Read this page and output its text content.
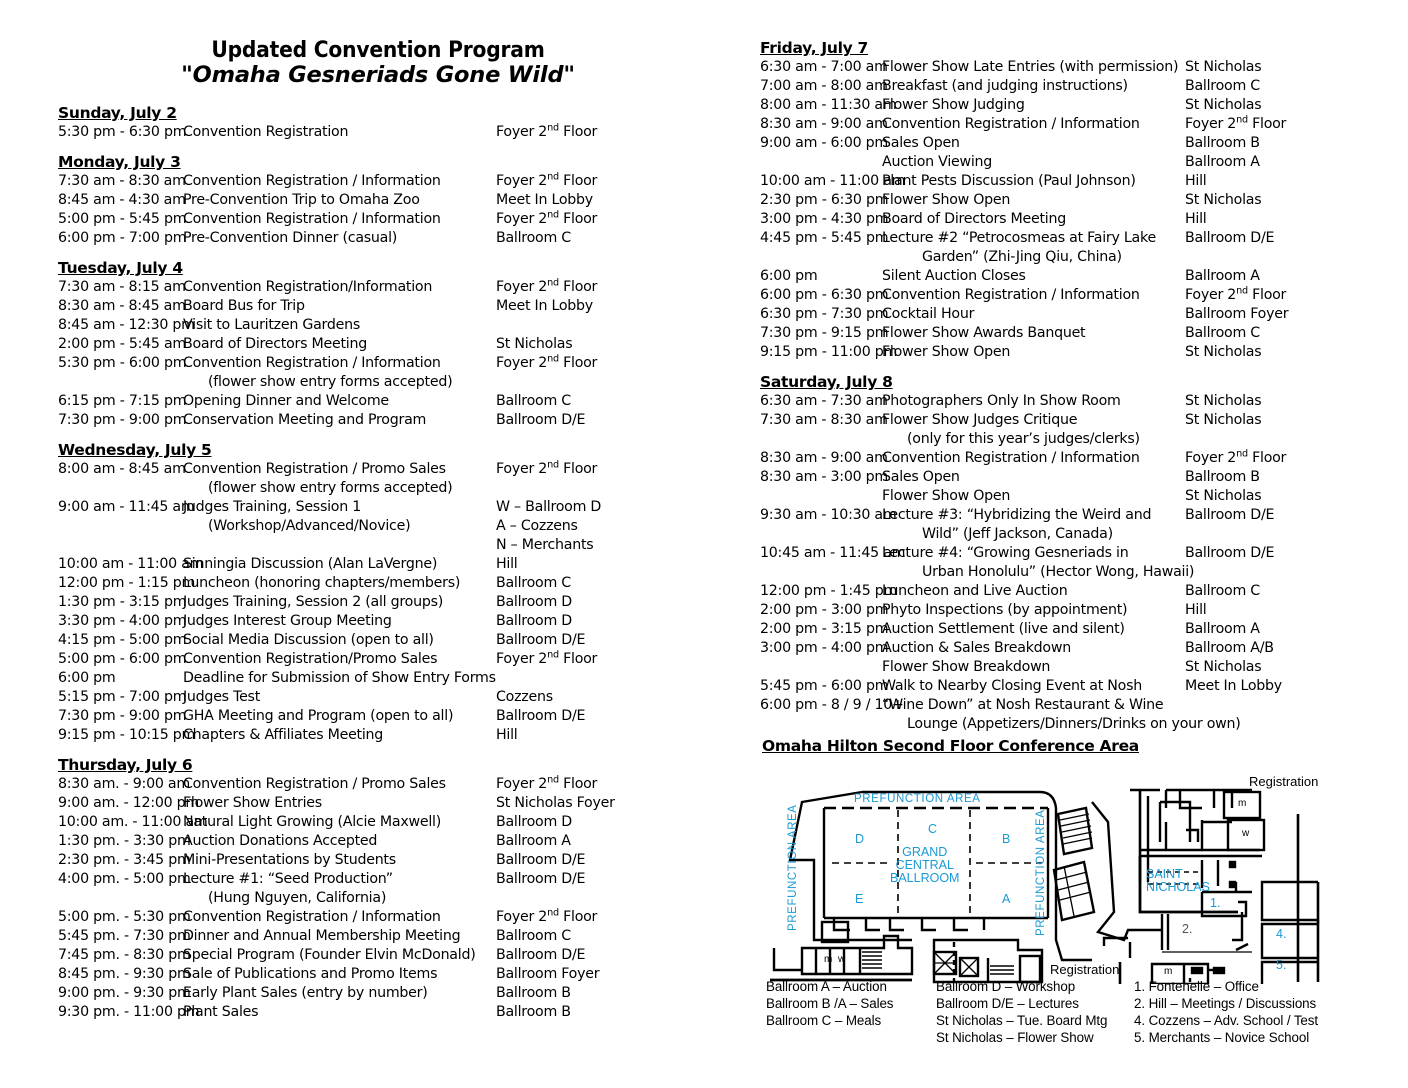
Updated Convention Program
"Omaha Gesneriads Gone Wild"
Sunday, July 2
5:30 pm - 6:30 pm
Convention Registration	Foyer 2nd Floor
Monday, July 3
7:30 am - 8:30 am
Convention Registration / Information	Foyer 2nd Floor
8:45 am - 4:30 am
Pre-Convention Trip to Omaha Zoo	Meet In Lobby
5:00 pm - 5:45 pm
Convention Registration / Information	Foyer 2nd Floor
6:00 pm - 7:00 pm
Pre-Convention Dinner (casual)	Ballroom C
Tuesday, July 4
7:30 am - 8:15 am
Convention Registration/Information	Foyer 2nd Floor
8:30 am - 8:45 am
Board Bus for Trip	Meet In Lobby
8:45 am - 12:30 pm
Visit to Lauritzen Gardens
2:00 pm - 5:45 am
Board of Directors Meeting	St Nicholas
5:30 pm - 6:00 pm
Convention Registration / Information	Foyer 2nd Floor
(flower show entry forms accepted)
6:15 pm - 7:15 pm
Opening Dinner and Welcome	Ballroom C
7:30 pm - 9:00 pm
Conservation Meeting and Program	Ballroom D/E
Wednesday, July 5
8:00 am - 8:45 am
Convention Registration / Promo Sales	Foyer 2nd Floor
(flower show entry forms accepted)
9:00 am - 11:45 am
Judges Training, Session 1	W – Ballroom D
(Workshop/Advanced/Novice)	A – Cozzens
N – Merchants
10:00 am - 11:00 am
Sinningia Discussion (Alan LaVergne)	Hill
12:00 pm - 1:15 pm
Luncheon (honoring chapters/members)	Ballroom C
1:30 pm - 3:15 pm
Judges Training, Session 2 (all groups)	Ballroom D
3:30 pm - 4:00 pm
Judges Interest Group Meeting	Ballroom D
4:15 pm - 5:00 pm
Social Media Discussion (open to all)	Ballroom D/E
5:00 pm - 6:00 pm
Convention Registration/Promo Sales	Foyer 2nd Floor
6:00 pm	Deadline for Submission of Show Entry Forms
5:15 pm - 7:00 pm
Judges Test	Cozzens
7:30 pm - 9:00 pm
GHA Meeting and Program (open to all)	Ballroom D/E
9:15 pm - 10:15 pm
Chapters & Affiliates Meeting	Hill
Thursday, July 6
8:30 am. - 9:00 am
Convention Registration / Promo Sales	Foyer 2nd Floor
9:00 am. - 12:00 pm
Flower Show Entries	St Nicholas Foyer
10:00 am. - 11:00 am
Natural Light Growing (Alcie Maxwell)	Ballroom D
1:30 pm. - 3:30 pm
Auction Donations Accepted	Ballroom A
2:30 pm. - 3:45 pm
Mini-Presentations by Students	Ballroom D/E
4:00 pm. - 5:00 pm
Lecture #1: “Seed Production”	Ballroom D/E
(Hung Nguyen, California)
5:00 pm. - 5:30 pm
Convention Registration / Information	Foyer 2nd Floor
5:45 pm. - 7:30 pm
Dinner and Annual Membership Meeting	Ballroom C
7:45 pm. - 8:30 pm
Special Program (Founder Elvin McDonald)	Ballroom D/E
8:45 pm. - 9:30 pm
Sale of Publications and Promo Items	Ballroom Foyer
9:00 pm. - 9:30 pm
Early Plant Sales (entry by number)	Ballroom B
9:30 pm. - 11:00 pm
Plant Sales	Ballroom B
Friday, July 7
6:30 am - 7:00 am
Flower Show Late Entries (with permission) St Nicholas
7:00 am - 8:00 am
Breakfast (and judging instructions)	Ballroom C
8:00 am - 11:30 am
Flower Show Judging	St Nicholas
8:30 am - 9:00 am
Convention Registration / Information	Foyer 2nd Floor
9:00 am - 6:00 pm
Sales Open	Ballroom B
Auction Viewing	Ballroom A
10:00 am - 11:00 am
Plant Pests Discussion (Paul Johnson)	Hill
2:30 pm - 6:30 pm
Flower Show Open	St Nicholas
3:00 pm - 4:30 pm
Board of Directors Meeting	Hill
4:45 pm - 5:45 pm
Lecture #2 “Petrocosmeas at Fairy Lake	Ballroom D/E
Garden” (Zhi-Jing Qiu, China)
6:00 pm	Silent Auction Closes	Ballroom A
6:00 pm - 6:30 pm
Convention Registration / Information	Foyer 2nd Floor
6:30 pm - 7:30 pm
Cocktail Hour	Ballroom Foyer
7:30 pm - 9:15 pm
Flower Show Awards Banquet	Ballroom C
9:15 pm - 11:00 pm
Flower Show Open	St Nicholas
Saturday, July 8
6:30 am - 7:30 am
Photographers Only In Show Room	St Nicholas
7:30 am - 8:30 am
Flower Show Judges Critique	St Nicholas
(only for this year’s judges/clerks)
8:30 am - 9:00 am
Convention Registration / Information	Foyer 2nd Floor
8:30 am - 3:00 pm
Sales Open	Ballroom B
Flower Show Open	St Nicholas
9:30 am - 10:30 am
Lecture #3: “Hybridizing the Weird and	Ballroom D/E
Wild” (Jeff Jackson, Canada)
10:45 am - 11:45 am
Lecture #4: “Growing Gesneriads in	Ballroom D/E
Urban Honolulu” (Hector Wong, Hawaii)
12:00 pm - 1:45 pm
Luncheon and Live Auction	Ballroom C
2:00 pm - 3:00 pm
Phyto Inspections (by appointment)	Hill
2:00 pm - 3:15 pm
Auction Settlement (live and silent)	Ballroom A
3:00 pm - 4:00 pm
Auction & Sales Breakdown	Ballroom A/B
Flower Show Breakdown	St Nicholas
5:45 pm - 6:00 pm
Walk to Nearby Closing Event at Nosh	Meet In Lobby
6:00 pm - 8 / 9 / 10+
“Wine Down” at Nosh Restaurant & Wine
Lounge (Appetizers/Dinners/Drinks on your own)
Omaha Hilton Second Floor Conference Area
PREFUNCTION AREA
PREFUNCTION AREA	PREFUNCTION AREA
C
D	B
E	A
GRAND
CENTRAL
BALLROOM
m w
Registration
Registration
m
w
SAINT
NICHOLAS
1.
2.	4.
5.
m
Ballroom A – Auction
Ballroom B /A – Sales
Ballroom C – Meals
Ballroom D – Workshop
Ballroom D/E – Lectures
St Nicholas – Tue. Board Mtg
St Nicholas – Flower Show
1. Fontenelle – Office
2. Hill – Meetings / Discussions
4. Cozzens – Adv. School / Test
5. Merchants – Novice School
